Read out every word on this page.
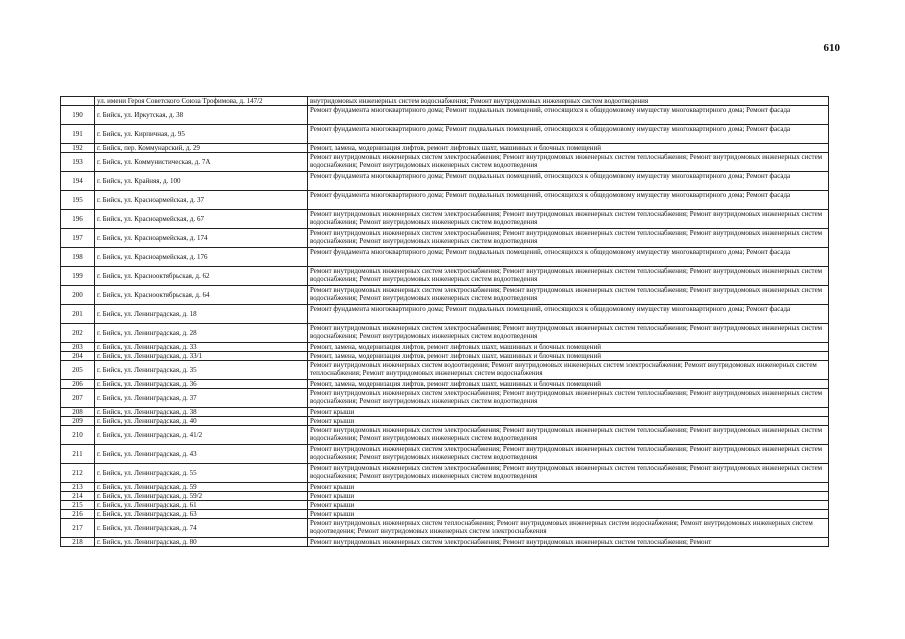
610
	ул. имени Героя Советского Союза Трофимова, д. 147/2	внутридомовых инженерных систем водоснабжения; Ремонт внутридомовых инженерных систем водоотведения
190	г. Бийск, ул. Иркутская, д. 38	Ремонт фундамента многоквартирного дома; Ремонт подвальных помещений, относящихся к общедомовому имуществу многоквартирного дома; Ремонт фасада
191	г. Бийск, ул. Кирпичная, д. 95	Ремонт фундамента многоквартирного дома; Ремонт подвальных помещений, относящихся к общедомовому имуществу многоквартирного дома; Ремонт фасада
192	г. Бийск, пер. Коммунарский, д. 29	Ремонт, замена, модернизация лифтов, ремонт лифтовых шахт, машинных и блочных помещений
193	г. Бийск, ул. Коммунистическая, д. 7А	Ремонт внутридомовых инженерных систем электроснабжения; Ремонт внутридомовых инженерных систем теплоснабжения; Ремонт внутридомовых инженерных систем водоснабжения; Ремонт внутридомовых инженерных систем водоотведения
194	г. Бийск, ул. Крайняя, д. 100	Ремонт фундамента многоквартирного дома; Ремонт подвальных помещений, относящихся к общедомовому имуществу многоквартирного дома; Ремонт фасада
195	г. Бийск, ул. Красноармейская, д. 37	Ремонт фундамента многоквартирного дома; Ремонт подвальных помещений, относящихся к общедомовому имуществу многоквартирного дома; Ремонт фасада
196	г. Бийск, ул. Красноармейская, д. 67	Ремонт внутридомовых инженерных систем электроснабжения; Ремонт внутридомовых инженерных систем теплоснабжения; Ремонт внутридомовых инженерных систем водоснабжения; Ремонт внутридомовых инженерных систем водоотведения
197	г. Бийск, ул. Красноармейская, д. 174	Ремонт внутридомовых инженерных систем электроснабжения; Ремонт внутридомовых инженерных систем теплоснабжения; Ремонт внутридомовых инженерных систем водоснабжения; Ремонт внутридомовых инженерных систем водоотведения
198	г. Бийск, ул. Красноармейская, д. 176	Ремонт фундамента многоквартирного дома; Ремонт подвальных помещений, относящихся к общедомовому имуществу многоквартирного дома; Ремонт фасада
199	г. Бийск, ул. Красноoктябрьская, д. 62	Ремонт внутридомовых инженерных систем электроснабжения; Ремонт внутридомовых инженерных систем теплоснабжения; Ремонт внутридомовых инженерных систем водоснабжения; Ремонт внутридомовых инженерных систем водоотведения
200	г. Бийск, ул. Красноoктябрьская, д. 64	Ремонт внутридомовых инженерных систем электроснабжения; Ремонт внутридомовых инженерных систем теплоснабжения; Ремонт внутридомовых инженерных систем водоснабжения; Ремонт внутридомовых инженерных систем водоотведения
201	г. Бийск, ул. Ленинградская, д. 18	Ремонт фундамента многоквартирного дома; Ремонт подвальных помещений, относящихся к общедомовому имуществу многоквартирного дома; Ремонт фасада
202	г. Бийск, ул. Ленинградская, д. 28	Ремонт внутридомовых инженерных систем электроснабжения; Ремонт внутридомовых инженерных систем теплоснабжения; Ремонт внутридомовых инженерных систем водоснабжения; Ремонт внутридомовых инженерных систем водоотведения
203	г. Бийск, ул. Ленинградская, д. 33	Ремонт, замена, модернизация лифтов, ремонт лифтовых шахт, машинных и блочных помещений
204	г. Бийск, ул. Ленинградская, д. 33/1	Ремонт, замена, модернизация лифтов, ремонт лифтовых шахт, машинных и блочных помещений
205	г. Бийск, ул. Ленинградская, д. 35	Ремонт внутридомовых инженерных систем водоотведения; Ремонт внутридомовых инженерных систем электроснабжения; Ремонт внутридомовых инженерных систем теплоснабжения; Ремонт внутридомовых инженерных систем водоснабжения
206	г. Бийск, ул. Ленинградская, д. 36	Ремонт, замена, модернизация лифтов, ремонт лифтовых шахт, машинных и блочных помещений
207	г. Бийск, ул. Ленинградская, д. 37	Ремонт внутридомовых инженерных систем электроснабжения; Ремонт внутридомовых инженерных систем теплоснабжения; Ремонт внутридомовых инженерных систем водоснабжения; Ремонт внутридомовых инженерных систем водоотведения
208	г. Бийск, ул. Ленинградская, д. 38	Ремонт крыши
209	г. Бийск, ул. Ленинградская, д. 40	Ремонт крыши
210	г. Бийск, ул. Ленинградская, д. 41/2	Ремонт внутридомовых инженерных систем электроснабжения; Ремонт внутридомовых инженерных систем теплоснабжения; Ремонт внутридомовых инженерных систем водоснабжения; Ремонт внутридомовых инженерных систем водоотведения
211	г. Бийск, ул. Ленинградская, д. 43	Ремонт внутридомовых инженерных систем электроснабжения; Ремонт внутридомовых инженерных систем теплоснабжения; Ремонт внутридомовых инженерных систем водоснабжения; Ремонт внутридомовых инженерных систем водоотведения
212	г. Бийск, ул. Ленинградская, д. 55	Ремонт внутридомовых инженерных систем электроснабжения; Ремонт внутридомовых инженерных систем теплоснабжения; Ремонт внутридомовых инженерных систем водоснабжения; Ремонт внутридомовых инженерных систем водоотведения
213	г. Бийск, ул. Ленинградская, д. 59	Ремонт крыши
214	г. Бийск, ул. Ленинградская, д. 59/2	Ремонт крыши
215	г. Бийск, ул. Ленинградская, д. 61	Ремонт крыши
216	г. Бийск, ул. Ленинградская, д. 63	Ремонт крыши
217	г. Бийск, ул. Ленинградская, д. 74	Ремонт внутридомовых инженерных систем теплоснабжения; Ремонт внутридомовых инженерных систем водоснабжения; Ремонт внутридомовых инженерных систем водоотведения; Ремонт внутридомовых инженерных систем электроснабжения
218	г. Бийск, ул. Ленинградская, д. 80	Ремонт внутридомовых инженерных систем электроснабжения; Ремонт внутридомовых инженерных систем теплоснабжения; Ремонт
